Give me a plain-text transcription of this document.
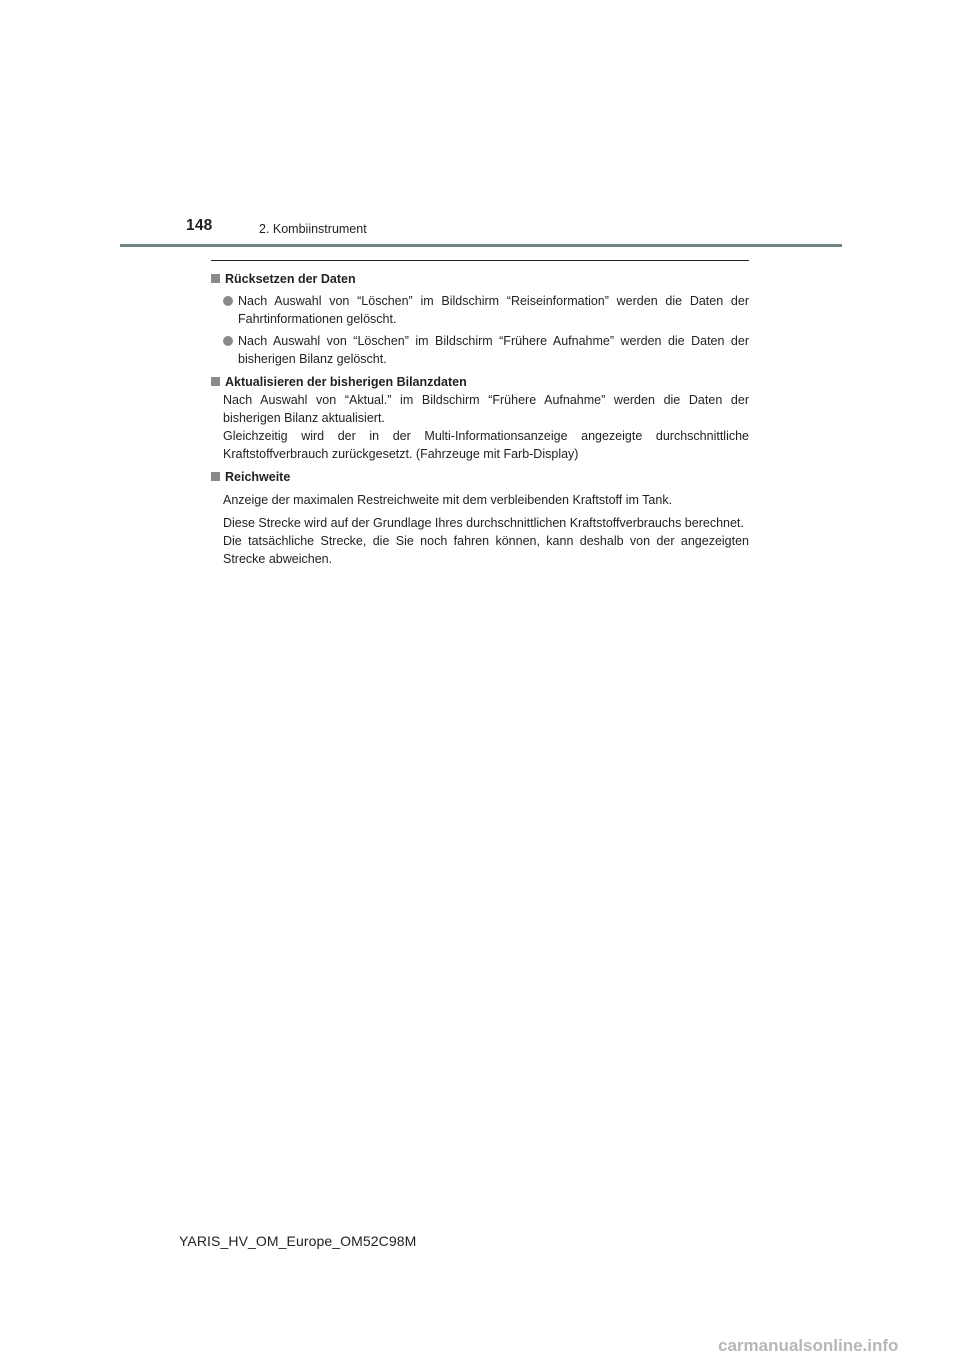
148	2. Kombiinstrument
Rücksetzen der Daten
Nach Auswahl von “Löschen” im Bildschirm “Reiseinformation” werden die Daten der Fahrtinformationen gelöscht.
Nach Auswahl von “Löschen” im Bildschirm “Frühere Aufnahme” werden die Daten der bisherigen Bilanz gelöscht.
Aktualisieren der bisherigen Bilanzdaten
Nach Auswahl von “Aktual.” im Bildschirm “Frühere Aufnahme” werden die Daten der bisherigen Bilanz aktualisiert.
Gleichzeitig wird der in der Multi-Informationsanzeige angezeigte durchschnittliche Kraftstoffverbrauch zurückgesetzt. (Fahrzeuge mit Farb-Display)
Reichweite
Anzeige der maximalen Restreichweite mit dem verbleibenden Kraftstoff im Tank.
Diese Strecke wird auf der Grundlage Ihres durchschnittlichen Kraftstoffverbrauchs berechnet.
Die tatsächliche Strecke, die Sie noch fahren können, kann deshalb von der angezeigten Strecke abweichen.
YARIS_HV_OM_Europe_OM52C98M
carmanualsonline.info
